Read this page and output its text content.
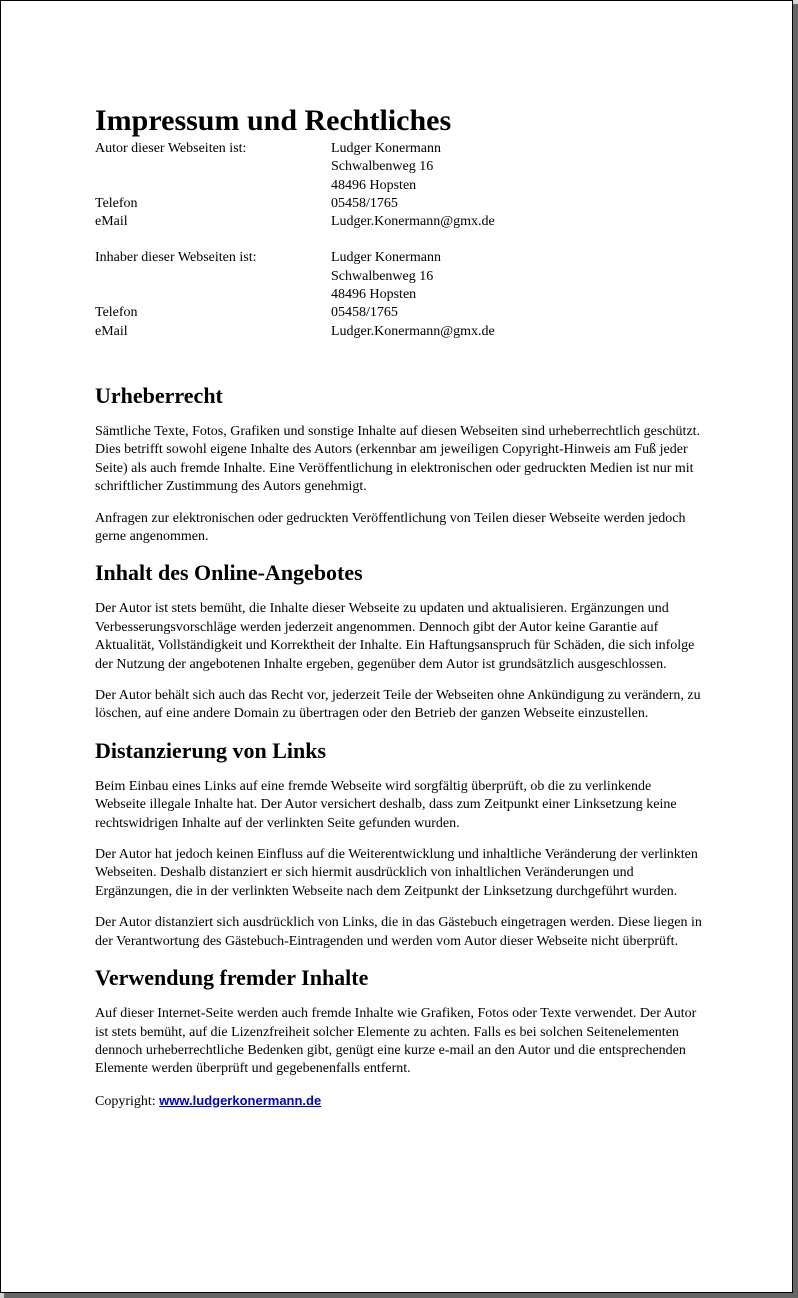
Impressum und Rechtliches
Autor dieser Webseiten ist:	Ludger Konermann
Schwalbenweg 16
48496 Hopsten
Telefon	05458/1765
eMail	Ludger.Konermann@gmx.de
Inhaber dieser Webseiten ist:	Ludger Konermann
Schwalbenweg 16
48496 Hopsten
Telefon	05458/1765
eMail	Ludger.Konermann@gmx.de
Urheberrecht

Sämtliche Texte, Fotos, Grafiken und sonstige Inhalte auf diesen Webseiten sind urheberrechtlich geschützt. Dies betrifft sowohl eigene Inhalte des Autors (erkennbar am jeweiligen Copyright-Hinweis am Fuß jeder Seite) als auch fremde Inhalte. Eine Veröffentlichung in elektronischen oder gedruckten Medien ist nur mit schriftlicher Zustimmung des Autors genehmigt.

Anfragen zur elektronischen oder gedruckten Veröffentlichung von Teilen dieser Webseite werden jedoch gerne angenommen.

Inhalt des Online-Angebotes

Der Autor ist stets bemüht, die Inhalte dieser Webseite zu updaten und aktualisieren. Ergänzungen und Verbesserungsvorschläge werden jederzeit angenommen. Dennoch gibt der Autor keine Garantie auf Aktualität, Vollständigkeit und Korrektheit der Inhalte. Ein Haftungsanspruch für Schäden, die sich infolge der Nutzung der angebotenen Inhalte ergeben, gegenüber dem Autor ist grundsätzlich ausgeschlossen.

Der Autor behält sich auch das Recht vor, jederzeit Teile der Webseiten ohne Ankündigung zu verändern, zu löschen, auf eine andere Domain zu übertragen oder den Betrieb der ganzen Webseite einzustellen.

Distanzierung von Links

Beim Einbau eines Links auf eine fremde Webseite wird sorgfältig überprüft, ob die zu verlinkende Webseite illegale Inhalte hat. Der Autor versichert deshalb, dass zum Zeitpunkt einer Linksetzung keine rechtswidrigen Inhalte auf der verlinkten Seite gefunden wurden.

Der Autor hat jedoch keinen Einfluss auf die Weiterentwicklung und inhaltliche Veränderung der verlinkten Webseiten. Deshalb distanziert er sich hiermit ausdrücklich von inhaltlichen Veränderungen und Ergänzungen, die in der verlinkten Webseite nach dem Zeitpunkt der Linksetzung durchgeführt wurden.

Der Autor distanziert sich ausdrücklich von Links, die in das Gästebuch eingetragen werden. Diese liegen in der Verantwortung des Gästebuch-Eintragenden und werden vom Autor dieser Webseite nicht überprüft.

Verwendung fremder Inhalte

Auf dieser Internet-Seite werden auch fremde Inhalte wie Grafiken, Fotos oder Texte verwendet. Der Autor ist stets bemüht, auf die Lizenzfreiheit solcher Elemente zu achten. Falls es bei solchen Seitenelementen dennoch urheberrechtliche Bedenken gibt, genügt eine kurze e-mail an den Autor und die entsprechenden Elemente werden überprüft und gegebenenfalls entfernt.

Copyright: www.ludgerkonermann.de
